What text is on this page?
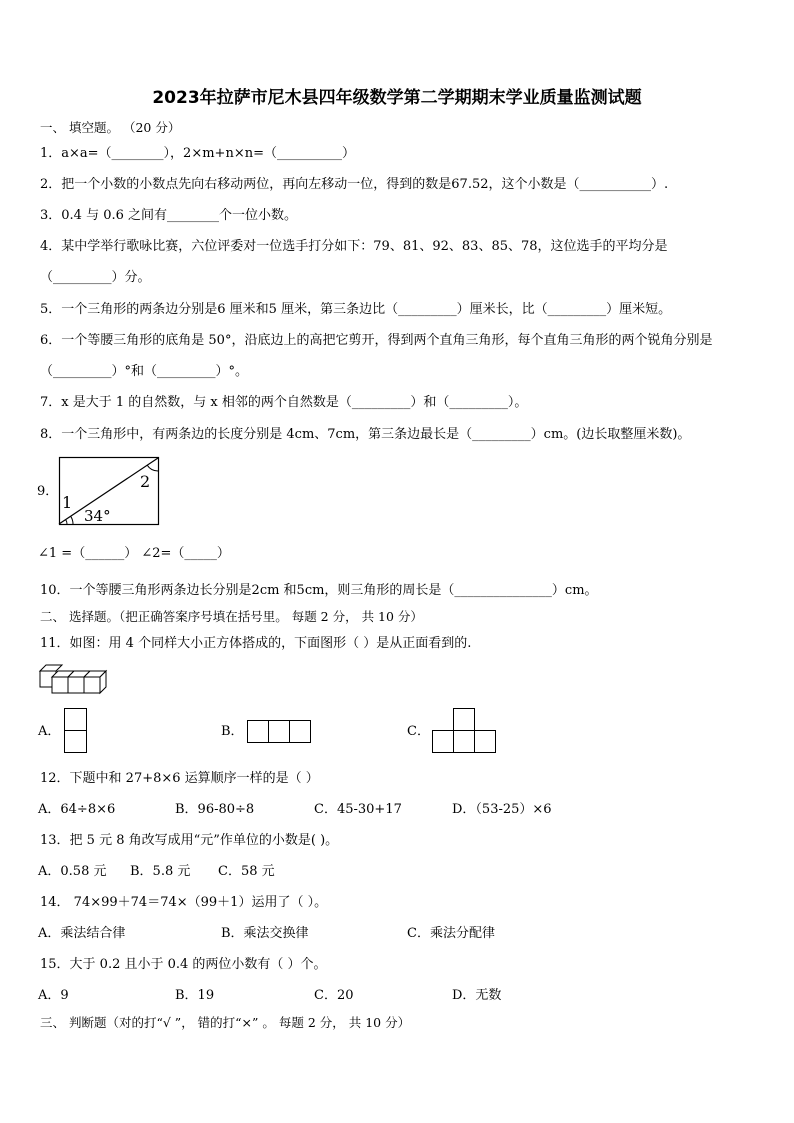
2023年拉萨市尼木县四年级数学第二学期期末学业质量监测试题
一、 填空题。 （20 分）
1．a×a=（________），2×m+n×n=（__________）
2．把一个小数的小数点先向右移动两位，再向左移动一位，得到的数是67.52，这个小数是（___________）.
3．0.4 与 0.6 之间有________个一位小数。
4．某中学举行歌咏比赛，六位评委对一位选手打分如下：79、81、92、83、85、78，这位选手的平均分是
（_________）分。
5．一个三角形的两条边分别是6 厘米和5 厘米，第三条边比（_________）厘米长，比（_________）厘米短。
6．一个等腰三角形的底角是 50°，沿底边上的高把它剪开，得到两个直角三角形，每个直角三角形的两个锐角分别是
（_________）°和（_________）°。
7．x 是大于 1 的自然数，与 x 相邻的两个自然数是（_________）和（_________）。
8．一个三角形中，有两条边的长度分别是 4cm、7cm，第三条边最长是（_________）cm。(边长取整厘米数)。
9．
1
2
34°
∠1 =（______） ∠2=（_____）
10．一个等腰三角形两条边长分别是2cm 和5cm，则三角形的周长是（_______________）cm。
二、 选择题。（把正确答案序号填在括号里。 每题 2 分， 共 10 分）
11．如图：用 4 个同样大小正方体搭成的，下面图形（ ）是从正面看到的.
A．	B．	C．
12．下题中和 27+8×6 运算顺序一样的是（ ）
A．64÷8×6	B．96-80÷8	C．45-30+17	D．（53-25）×6
13．把 5 元 8 角改写成用“元”作单位的小数是( )。
A．0.58 元 B．5.8 元 C．58 元
14． 74×99＋74＝74×（99＋1）运用了（ ）。
A．乘法结合律	B．乘法交换律	C．乘法分配律
15．大于 0.2 且小于 0.4 的两位小数有（ ）个。
A．9	B．19	C．20	D．无数
三、 判断题（对的打“√ ”， 错的打“×” 。 每题 2 分， 共 10 分）
